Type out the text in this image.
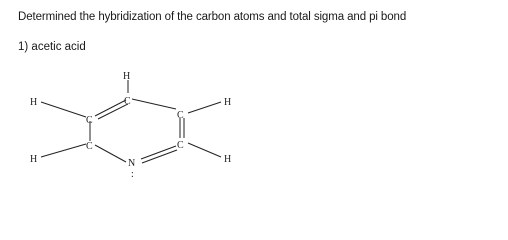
Determined the hybridization of the carbon atoms and total sigma and pi bond

1) acetic acid
H
C
H	H
C	C
C	C
H	H
N
:
